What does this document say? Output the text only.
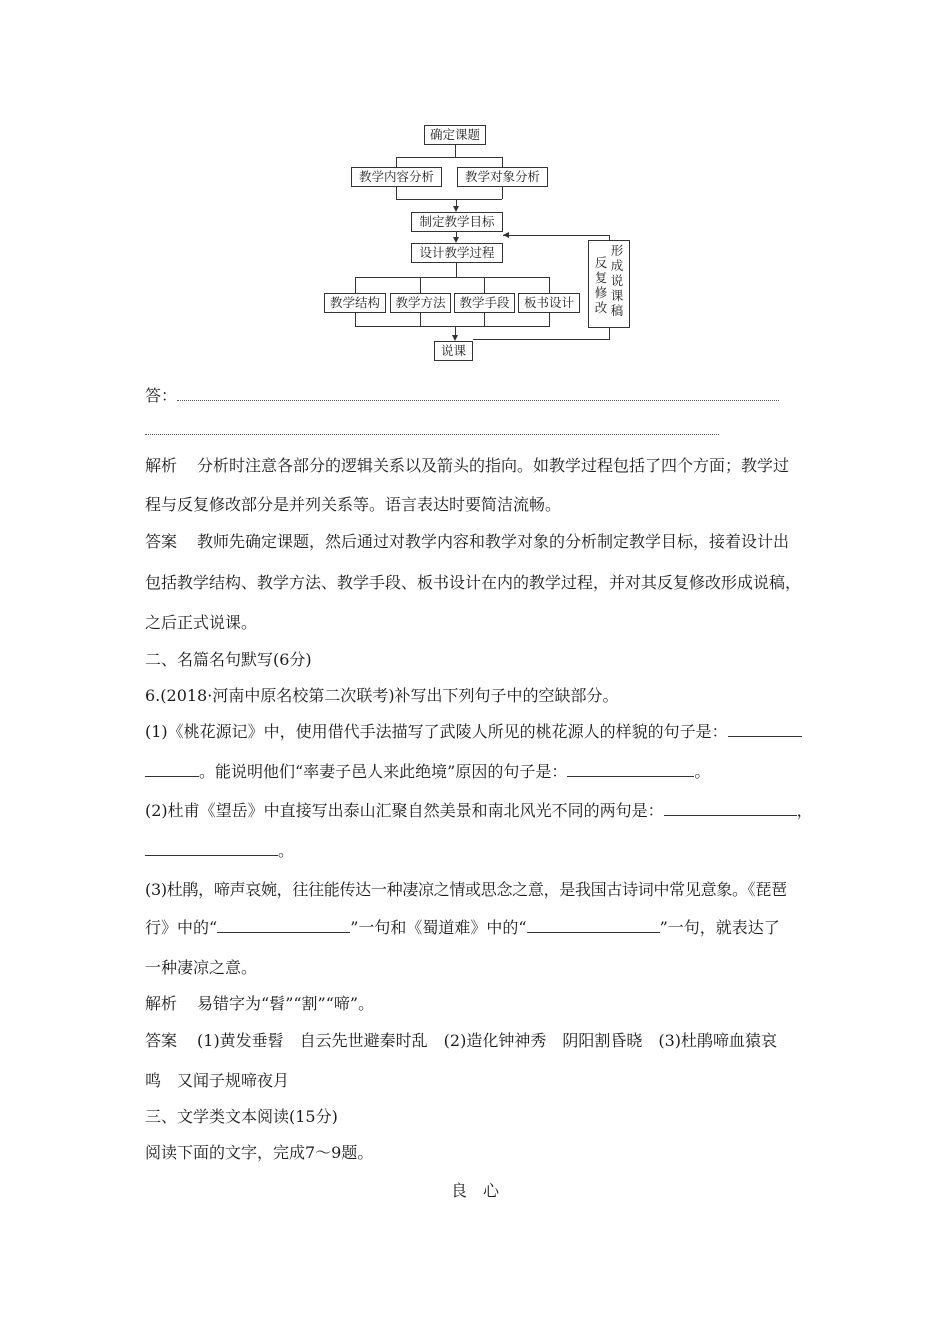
确定课题
教学内容分析	教学对象分析
制定教学目标
设计教学过程
教学结构	教学方法	教学手段	板书设计
说课
反复修改形成说课稿
答：
解析 分析时注意各部分的逻辑关系以及箭头的指向。如教学过程包括了四个方面；教学过
程与反复修改部分是并列关系等。语言表达时要简洁流畅。
答案 教师先确定课题，然后通过对教学内容和教学对象的分析制定教学目标，接着设计出
包括教学结构、教学方法、教学手段、板书设计在内的教学过程，并对其反复修改形成说稿，
之后正式说课。
二、名篇名句默写(6分)
6.(2018·河南中原名校第二次联考)补写出下列句子中的空缺部分。
(1)《桃花源记》中，使用借代手法描写了武陵人所见的桃花源人的样貌的句子是：
。能说明他们“率妻子邑人来此绝境”原因的句子是：	。
(2)杜甫《望岳》中直接写出泰山汇聚自然美景和南北风光不同的两句是：	，
。
(3)杜鹃，啼声哀婉，往往能传达一种凄凉之情或思念之意，是我国古诗词中常见意象。《琵琶
行》中的“	”一句和《蜀道难》中的“	”一句，就表达了
一种凄凉之意。
解析 易错字为“髫”“割”“啼”。
答案 (1)黄发垂髫　自云先世避秦时乱　(2)造化钟神秀　阴阳割昏晓　(3)杜鹃啼血猿哀
鸣　又闻子规啼夜月
三、文学类文本阅读(15分)
阅读下面的文字，完成7～9题。
良　心
